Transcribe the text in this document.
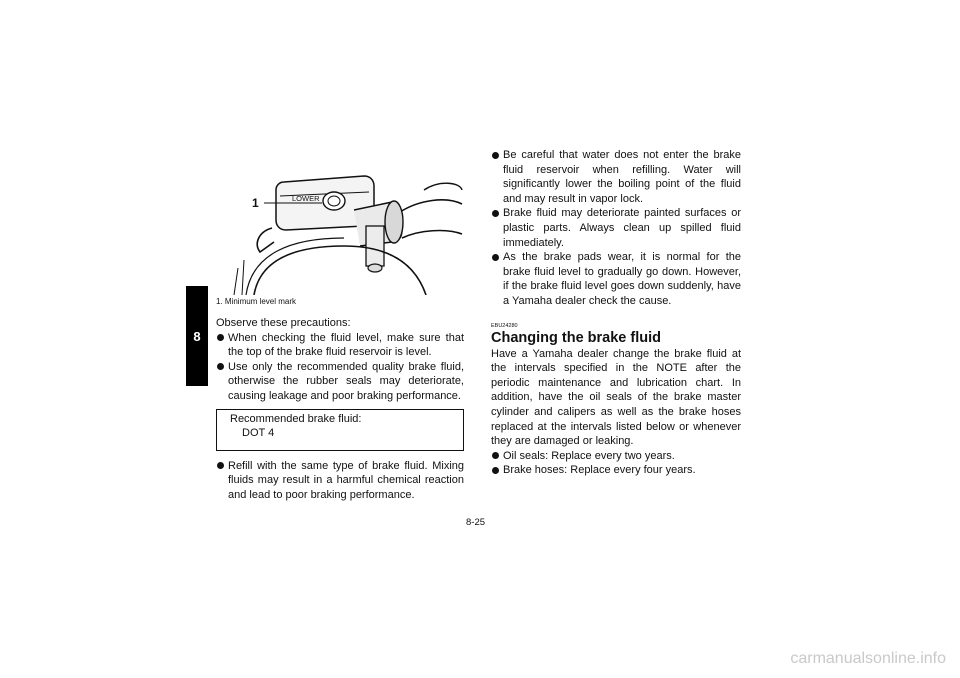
8
1	LOWER
1. Minimum level mark

Observe these precautions:

When checking the fluid level, make sure that the top of the brake fluid reservoir is level.
Use only the recommended quality brake fluid, otherwise the rubber seals may deteriorate, causing leakage and poor braking performance.
Recommended brake fluid:
DOT 4
Refill with the same type of brake fluid. Mixing fluids may result in a harmful chemical reaction and lead to poor braking performance.
Be careful that water does not enter the brake fluid reservoir when refilling. Water will significantly lower the boiling point of the fluid and may result in vapor lock.
Brake fluid may deteriorate painted surfaces or plastic parts. Always clean up spilled fluid immediately.
As the brake pads wear, it is normal for the brake fluid level to gradually go down. However, if the brake fluid level goes down suddenly, have a Yamaha dealer check the cause.
EBU24280
Changing the brake fluid

Have a Yamaha dealer change the brake fluid at the intervals specified in the NOTE after the periodic maintenance and lubrication chart. In addition, have the oil seals of the brake master cylinder and calipers as well as the brake hoses replaced at the intervals listed below or whenever they are damaged or leaking.

Oil seals: Replace every two years.
Brake hoses: Replace every four years.
8-25
carmanualsonline.info
